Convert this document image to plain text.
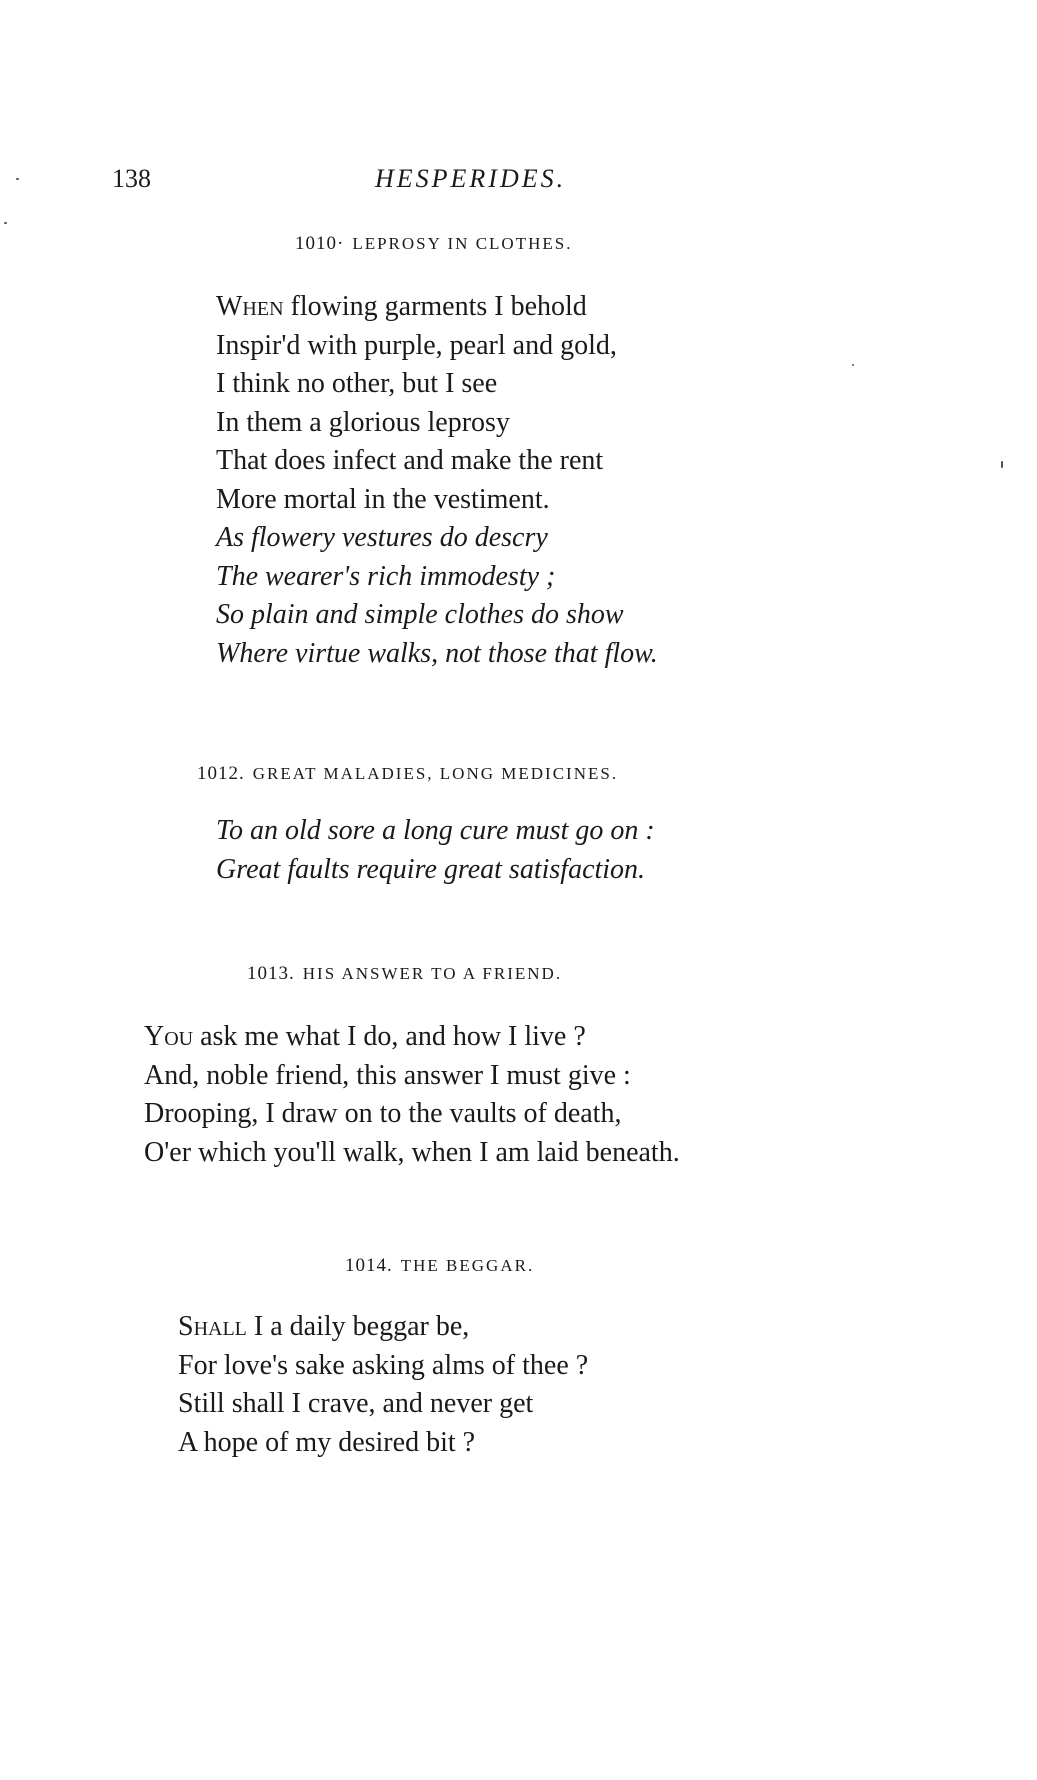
138	HESPERIDES.
1010· LEPROSY IN CLOTHES.
When flowing garments I behold
Inspir'd with purple, pearl and gold,
I think no other, but I see
In them a glorious leprosy
That does infect and make the rent
More mortal in the vestiment.
As flowery vestures do descry
The wearer's rich immodesty ;
So plain and simple clothes do show
Where virtue walks, not those that flow.
1012. GREAT MALADIES, LONG MEDICINES.
To an old sore a long cure must go on :
Great faults require great satisfaction.
1013. HIS ANSWER TO A FRIEND.
You ask me what I do, and how I live ?
And, noble friend, this answer I must give :
Drooping, I draw on to the vaults of death,
O'er which you'll walk, when I am laid beneath.
1014. THE BEGGAR.
Shall I a daily beggar be,
For love's sake asking alms of thee ?
Still shall I crave, and never get
A hope of my desired bit ?
